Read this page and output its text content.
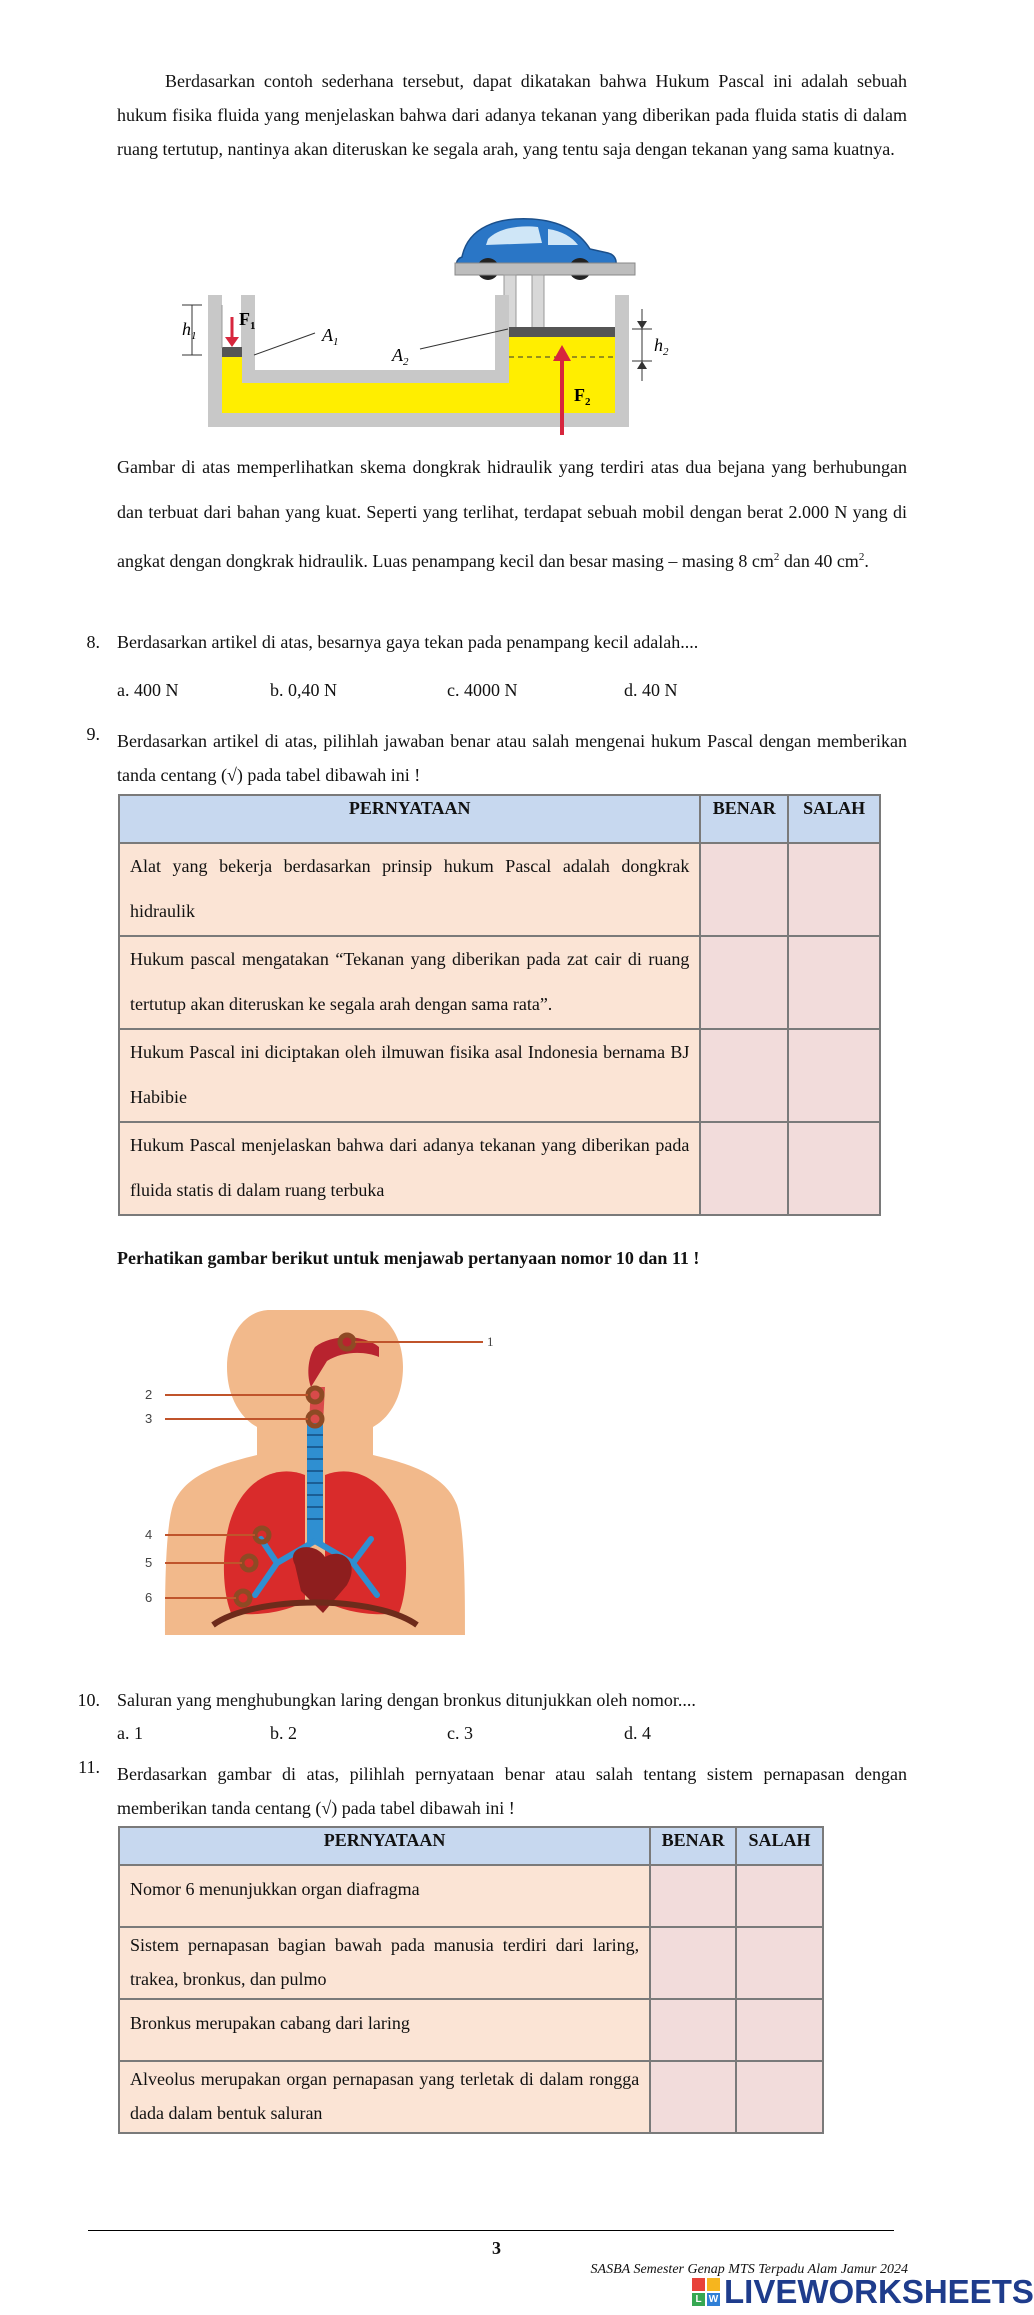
Berdasarkan contoh sederhana tersebut, dapat dikatakan bahwa Hukum Pascal ini adalah sebuah hukum fisika fluida yang menjelaskan bahwa dari adanya tekanan yang diberikan pada fluida statis di dalam ruang tertutup, nantinya akan diteruskan ke segala arah, yang tentu saja dengan tekanan yang sama kuatnya.
$h_1$
$F_1$	$A_1$
$A_2$
$F_2$
$h_2$
Gambar di atas memperlihatkan skema dongkrak hidraulik yang terdiri atas dua bejana yang berhubungan dan terbuat dari bahan yang kuat. Seperti yang terlihat, terdapat sebuah mobil dengan berat 2.000 N yang di angkat dengan dongkrak hidraulik. Luas penampang kecil dan besar masing – masing 8 $cm^2$ dan 40 $cm^2$.
8. Berdasarkan artikel di atas, besarnya gaya tekan pada penampang kecil adalah....
a. 400 N	b. 0,40 N	c. 4000 N	d. 40 N
9. Berdasarkan artikel di atas, pilihlah jawaban benar atau salah mengenai hukum Pascal dengan memberikan tanda centang (√) pada tabel dibawah ini !
PERNYATAAN	BENAR	SALAH
Alat yang bekerja berdasarkan prinsip hukum Pascal adalah dongkrak hidraulik		
Hukum pascal mengatakan “Tekanan yang diberikan pada zat cair di ruang tertutup akan diteruskan ke segala arah dengan sama rata”.		
Hukum Pascal ini diciptakan oleh ilmuwan fisika asal Indonesia bernama BJ Habibie		
Hukum Pascal menjelaskan bahwa dari adanya tekanan yang diberikan pada fluida statis di dalam ruang terbuka		
Perhatikan gambar berikut untuk menjawab pertanyaan nomor 10 dan 11 !
1
2
3
4
5
6
10. Saluran yang menghubungkan laring dengan bronkus ditunjukkan oleh nomor....
a. 1	b. 2	c. 3	d. 4
11. Berdasarkan gambar di atas, pilihlah pernyataan benar atau salah tentang sistem pernapasan dengan memberikan tanda centang (√) pada tabel dibawah ini !
PERNYATAAN	BENAR	SALAH
Nomor 6 menunjukkan organ diafragma		
Sistem pernapasan bagian bawah pada manusia terdiri dari laring, trakea, bronkus, dan pulmo		
Bronkus merupakan cabang dari laring		
Alveolus merupakan organ pernapasan yang terletak di dalam rongga dada dalam bentuk saluran		
3
SASBA Semester Genap MTS Terpadu Alam Jamur 2024
L W LIVEWORKSHEETS
